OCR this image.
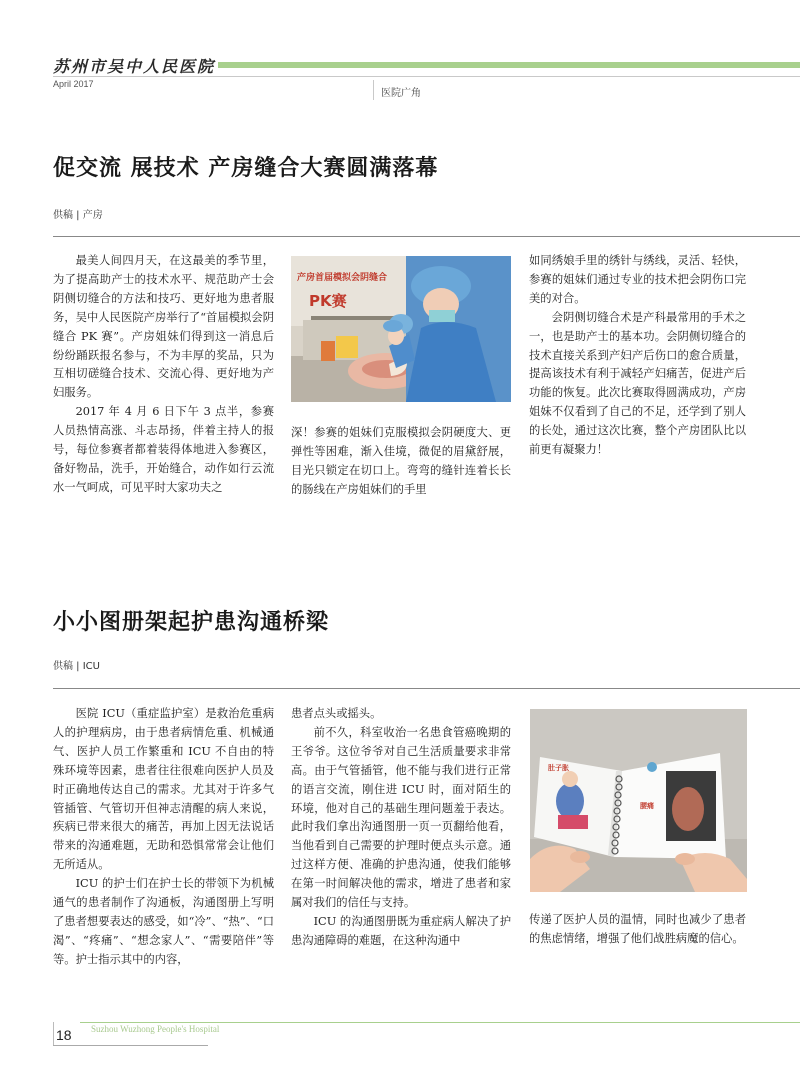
苏州市吴中人民医院
April 2017
医院广角
促交流 展技术 产房缝合大赛圆满落幕
供稿 | 产房

最美人间四月天，在这最美的季节里，为了提高助产士的技术水平、规范助产士会阴侧切缝合的方法和技巧、更好地为患者服务，吴中人民医院产房举行了“首届模拟会阴缝合 PK 赛”。产房姐妹们得到这一消息后纷纷踊跃报名参与，不为丰厚的奖品，只为互相切磋缝合技术、交流心得、更好地为产妇服务。

2017 年 4 月 6 日下午 3 点半，参赛人员热情高涨、斗志昂扬，伴着主持人的报号，每位参赛者都着装得体地进入参赛区，备好物品，洗手，开始缝合，动作如行云流水一气呵成，可见平时大家功夫之

产房首届模拟会阴缝合
PK赛

深！参赛的姐妹们克服模拟会阴硬度大、更弹性等困难，渐入佳境，微促的眉黛舒展，目光只锁定在切口上。弯弯的缝针连着长长的肠线在产房姐妹们的手里

如同绣娘手里的绣针与绣线，灵活、轻快，参赛的姐妹们通过专业的技术把会阴伤口完美的对合。

会阴侧切缝合术是产科最常用的手术之一，也是助产士的基本功。会阴侧切缝合的技术直接关系到产妇产后伤口的愈合质量，提高该技术有利于减轻产妇痛苦，促进产后功能的恢复。此次比赛取得圆满成功，产房姐妹不仅看到了自己的不足，还学到了别人的长处，通过这次比赛，整个产房团队比以前更有凝聚力！

小小图册架起护患沟通桥梁
供稿 | ICU

医院 ICU（重症监护室）是救治危重病人的护理病房，由于患者病情危重、机械通气、医护人员工作繁重和 ICU 不自由的特殊环境等因素，患者往往很难向医护人员及时正确地传达自己的需求。尤其对于许多气管插管、气管切开但神志清醒的病人来说，疾病已带来很大的痛苦，再加上因无法说话带来的沟通难题，无助和恐惧常常会让他们无所适从。

ICU 的护士们在护士长的带领下为机械通气的患者制作了沟通板，沟通图册上写明了患者想要表达的感受，如“冷”、“热”、“口渴”、“疼痛”、“想念家人”、“需要陪伴”等等。护士指示其中的内容，

患者点头或摇头。

前不久，科室收治一名患食管癌晚期的王爷爷。这位爷爷对自己生活质量要求非常高。由于气管插管，他不能与我们进行正常的语言交流，刚住进 ICU 时，面对陌生的环境，他对自己的基础生理问题羞于表达。此时我们拿出沟通图册一页一页翻给他看，当他看到自己需要的护理时便点头示意。通过这样方便、准确的护患沟通，使我们能够在第一时间解决他的需求，增进了患者和家属对我们的信任与支持。

ICU 的沟通图册既为重症病人解决了护患沟通障碍的难题，在这种沟通中

肚子胀
腰痛

传递了医护人员的温情，同时也减少了患者的焦虑情绪，增强了他们战胜病魔的信心。

18 Suzhou Wuzhong People's Hospital
